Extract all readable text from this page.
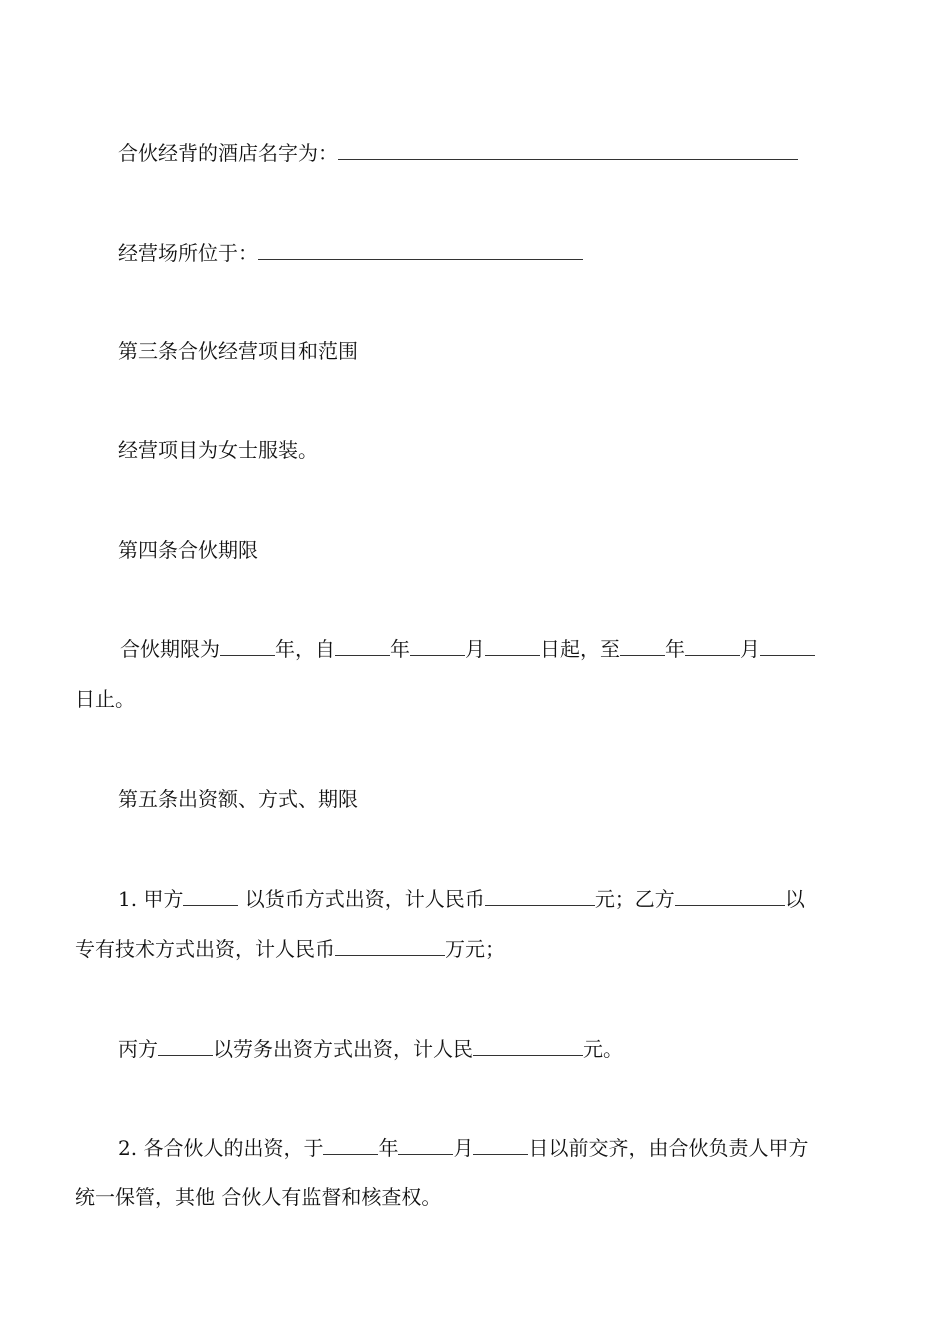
合伙经背的酒店名字为：
经营场所位于：
第三条合伙经营项目和范围
经营项目为女士服装。
第四条合伙期限
合伙期限为	年，自	年	月	日起，至 年	月
日止。
第五条出资额、方式、期限
1. 甲方	以货币方式出资，计人民币	元；乙方	以
专有技术方式出资，计人民币	万元；
丙方	以劳务出资方式出资，计人民	元。
2. 各合伙人的出资，于	年	月	日以前交齐，由合伙负责人甲方
统一保管，其他 合伙人有监督和核查权。
